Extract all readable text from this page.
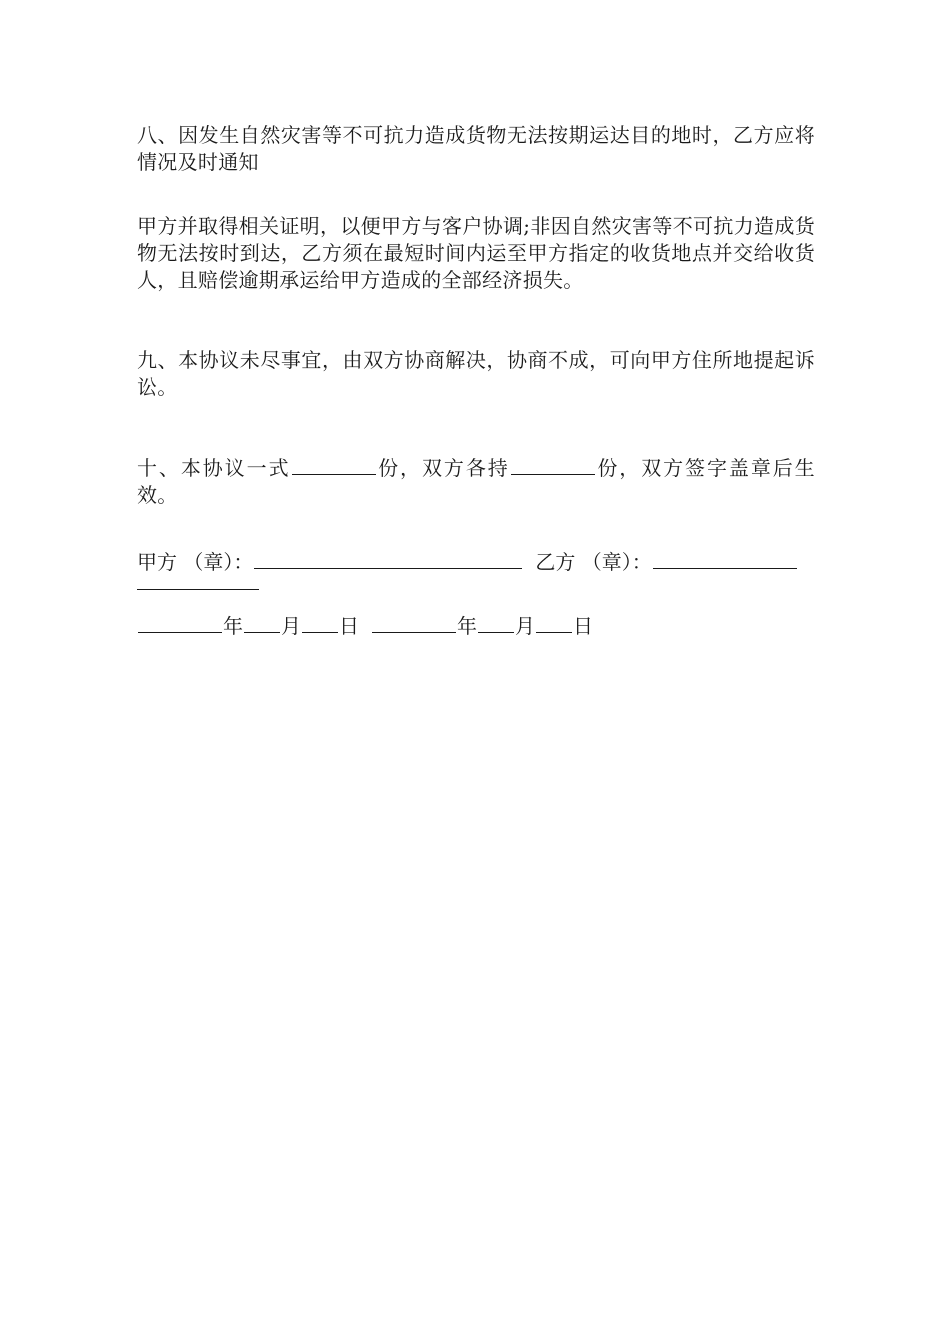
八、因发生自然灾害等不可抗力造成货物无法按期运达目的地时，乙方应将情况及时通知

甲方并取得相关证明，以便甲方与客户协调;非因自然灾害等不可抗力造成货物无法按时到达，乙方须在最短时间内运至甲方指定的收货地点并交给收货人，且赔偿逾期承运给甲方造成的全部经济损失。

九、本协议未尽事宜，由双方协商解决，协商不成，可向甲方住所地提起诉讼。

十、本协议一式	份，双方各持	份，双方签字盖章后生效。

甲方 （章）：	乙方 （章）：

年 月 日	年 月 日
